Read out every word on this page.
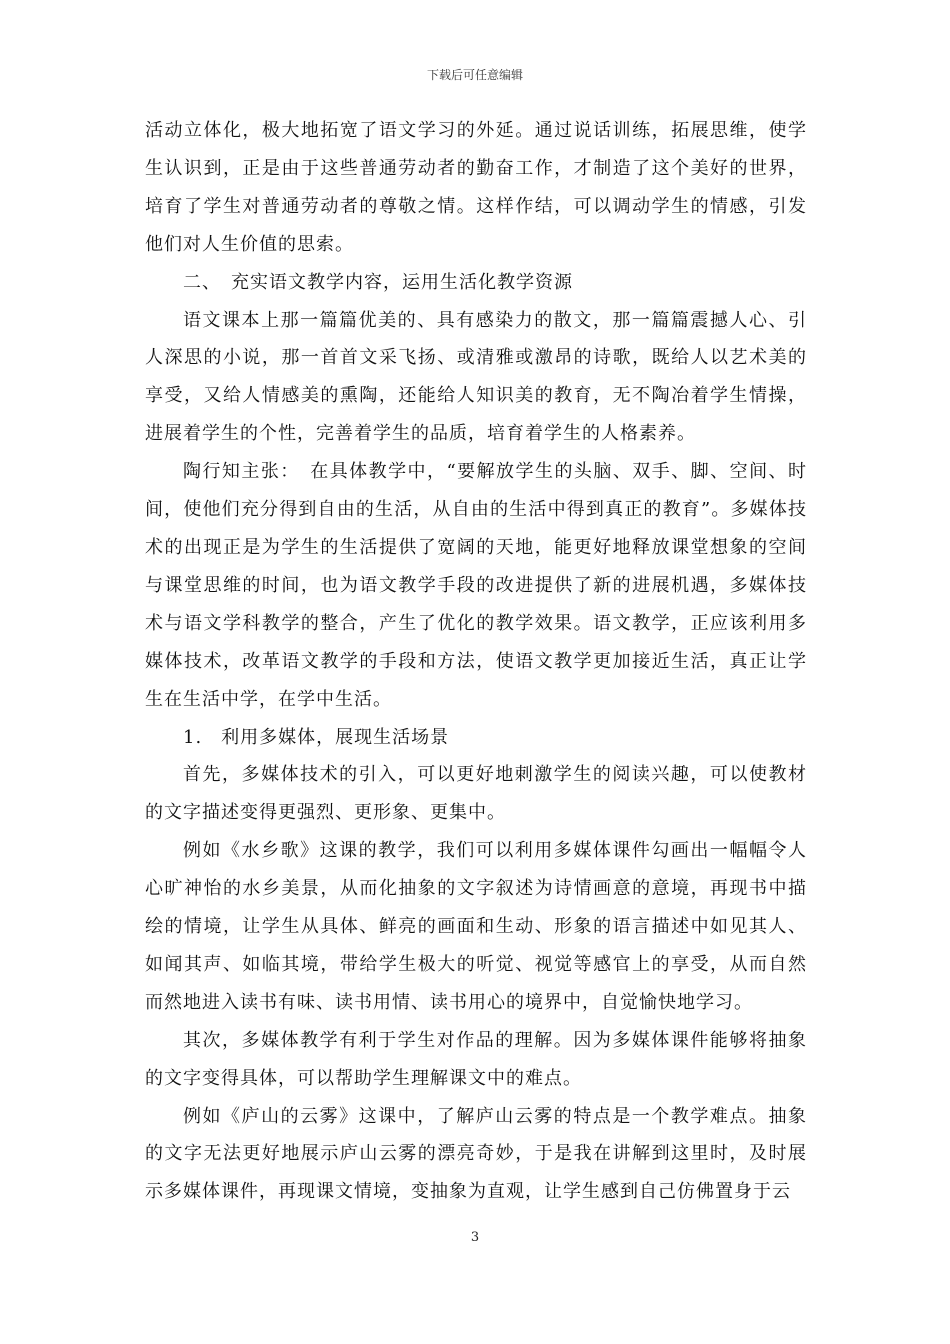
下载后可任意编辑

活动立体化，极大地拓宽了语文学习的外延。通过说话训练，拓展思维，使学生认识到，正是由于这些普通劳动者的勤奋工作，才制造了这个美好的世界，培育了学生对普通劳动者的尊敬之情。这样作结，可以调动学生的情感，引发他们对人生价值的思索。

二、　充实语文教学内容，运用生活化教学资源

语文课本上那一篇篇优美的、具有感染力的散文，那一篇篇震撼人心、引人深思的小说，那一首首文采飞扬、或清雅或激昂的诗歌，既给人以艺术美的享受，又给人情感美的熏陶，还能给人知识美的教育，无不陶冶着学生情操，进展着学生的个性，完善着学生的品质，培育着学生的人格素养。

陶行知主张：　在具体教学中，“要解放学生的头脑、双手、脚、空间、时间，使他们充分得到自由的生活，从自由的生活中得到真正的教育”。多媒体技术的出现正是为学生的生活提供了宽阔的天地，能更好地释放课堂想象的空间与课堂思维的时间，也为语文教学手段的改进提供了新的进展机遇，多媒体技术与语文学科教学的整合，产生了优化的教学效果。语文教学，正应该利用多媒体技术，改革语文教学的手段和方法，使语文教学更加接近生活，真正让学生在生活中学，在学中生活。

1.　利用多媒体，展现生活场景

首先，多媒体技术的引入，可以更好地刺激学生的阅读兴趣，可以使教材的文字描述变得更强烈、更形象、更集中。

例如《水乡歌》这课的教学，我们可以利用多媒体课件勾画出一幅幅令人心旷神怡的水乡美景，从而化抽象的文字叙述为诗情画意的意境，再现书中描绘的情境，让学生从具体、鲜亮的画面和生动、形象的语言描述中如见其人、如闻其声、如临其境，带给学生极大的听觉、视觉等感官上的享受，从而自然而然地进入读书有味、读书用情、读书用心的境界中，自觉愉快地学习。

其次，多媒体教学有利于学生对作品的理解。因为多媒体课件能够将抽象的文字变得具体，可以帮助学生理解课文中的难点。

例如《庐山的云雾》这课中，了解庐山云雾的特点是一个教学难点。抽象的文字无法更好地展示庐山云雾的漂亮奇妙，于是我在讲解到这里时，及时展示多媒体课件，再现课文情境，变抽象为直观，让学生感到自己仿佛置身于云

3
